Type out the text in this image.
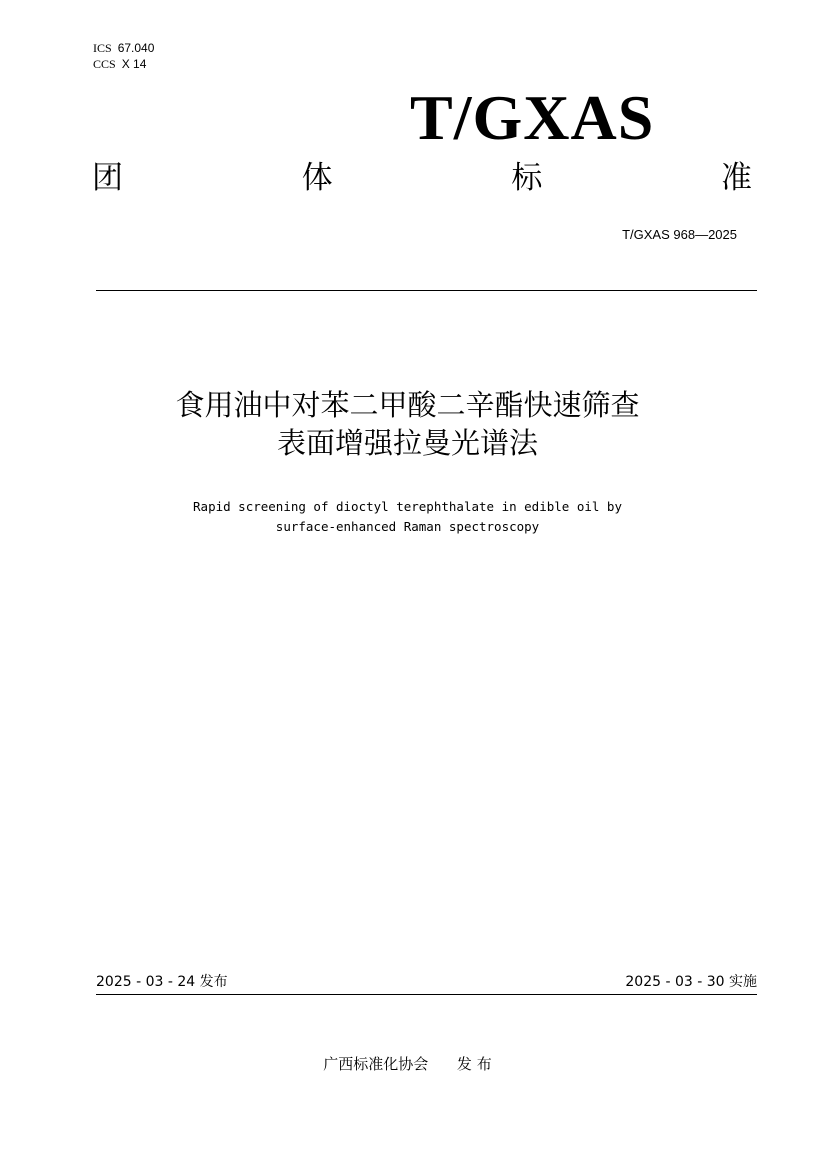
ICS 67.040
CCS X 14
T/GXAS
团	体	标	准
T/GXAS 968—2025
食用油中对苯二甲酸二辛酯快速筛查
表面增强拉曼光谱法
Rapid screening of dioctyl terephthalate in edible oil by
surface-enhanced Raman spectroscopy
2025 - 03 - 24 发布	2025 - 03 - 30 实施
广西标准化协会 发 布
